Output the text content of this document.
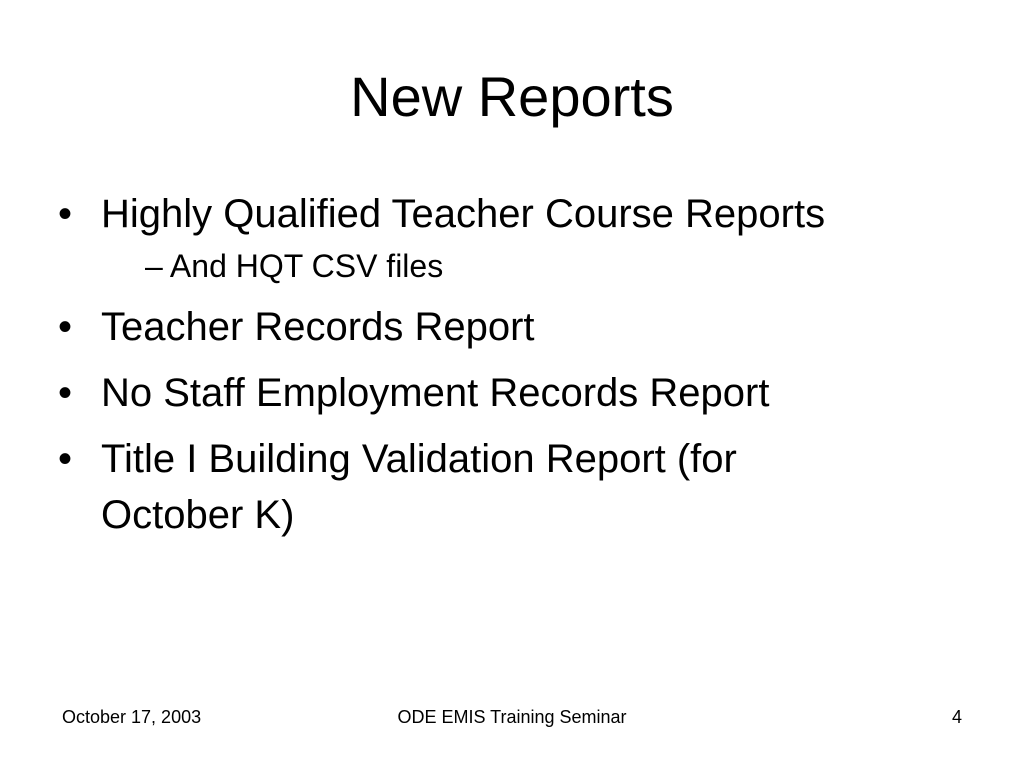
New Reports
• Highly Qualified Teacher Course Reports
– And HQT CSV files
• Teacher Records Report
• No Staff Employment Records Report
• Title I Building Validation Report (for October K)
October 17, 2003	ODE EMIS Training Seminar	4
